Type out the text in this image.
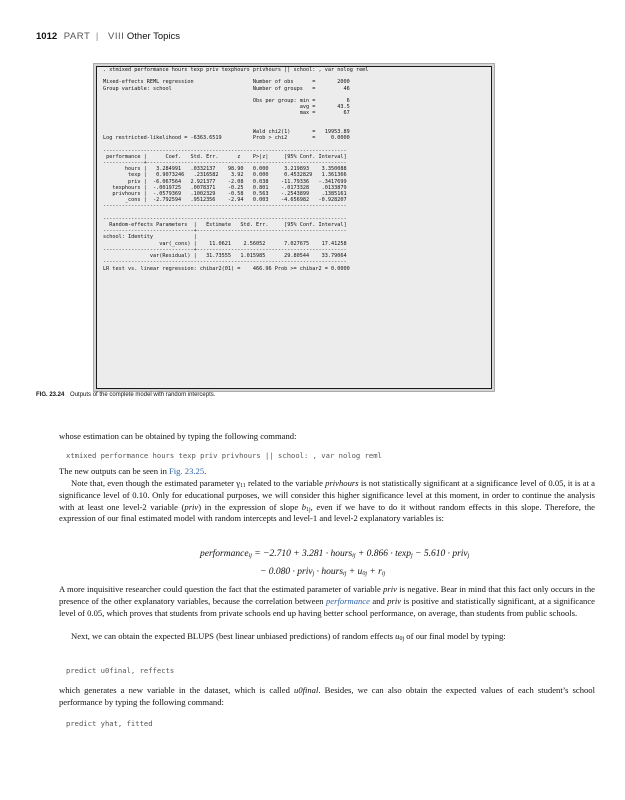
1012 PART | VIII Other Topics
. xtmixed performance hours texp priv texphours privhours || school: , var nolog reml

Mixed-effects REML regression                   Number of obs      =       2000
Group variable: school                          Number of groups   =         46

Obs per group: min =          6
avg =       43.5
max =         67

Wald chi2(1)       =   19953.89
Log restricted-likelihood = -6363.6519          Prob > chi2        =     0.0000

------------------------------------------------------------------------------
performance |      Coef.   Std. Err.      z    P>|z|     [95% Conf. Interval]
-------------+----------------------------------------------------------------
hours |   3.284991   .0332137    98.90   0.000     3.219893    3.350088
texp |   0.9073246   .2316582    3.92   0.000     0.4532829   1.361366
priv |  -6.067564   2.921377    -2.08   0.038    -11.79336   -.3417699
texphours |  -.0019725   .0078371    -0.25   0.801    -.0173328    .0133879
privhours |  -.0579369   .1002329    -0.58   0.563    -.2543899    .1385161
_cons |  -2.792594   .9512356    -2.94   0.003    -4.656982   -0.928207
------------------------------------------------------------------------------

------------------------------------------------------------------------------
Random-effects Parameters  |   Estimate   Std. Err.     [95% Conf. Interval]
-----------------------------+------------------------------------------------
school: Identity             |
var(_cons) |    11.0621    2.56052      7.027675    17.41258
-----------------------------+------------------------------------------------
var(Residual) |   31.73555   1.015985      29.80544    33.79064
------------------------------------------------------------------------------
LR test vs. linear regression: chibar2(01) =    466.96 Prob >= chibar2 = 0.0000

FIG. 23.24 Outputs of the complete model with random intercepts.
whose estimation can be obtained by typing the following command:
xtmixed performance hours texp priv privhours || school: , var nolog reml
The new outputs can be seen in Fig. 23.25.
Note that, even though the estimated parameter $\gamma_{11}$ related to the variable privhours is not statistically significant at a significance level of 0.05, it is at a significance level of 0.10. Only for educational purposes, we will consider this higher significance level at this moment, in order to continue the analysis with at least one level-2 variable (priv) in the expression of slope $b_{1j}$, even if we have to do it without random effects in this slope. Therefore, the expression of our final estimated model with random intercepts and level-1 and level-2 explanatory variables is:
performance$_{ij}$ = −2.710 + 3.281 · hours$_{ij}$ + 0.866 · texp$_j$ − 5.610 · priv$_j$
− 0.080 · priv$_j$ · hours$_{ij}$ + $u_{0j} + r_{ij}$
A more inquisitive researcher could question the fact that the estimated parameter of variable priv is negative. Bear in mind that this fact only occurs in the presence of the other explanatory variables, because the correlation between performance and priv is positive and statistically significant, at a significance level of 0.05, which proves that students from private schools end up having better school performance, on average, than students from public schools.
Next, we can obtain the expected BLUPS (best linear unbiased predictions) of random effects $u_{0j}$ of our final model by typing:
predict u0final, reffects
which generates a new variable in the dataset, which is called u0final. Besides, we can also obtain the expected values of each student’s school performance by typing the following command:
predict yhat, fitted
